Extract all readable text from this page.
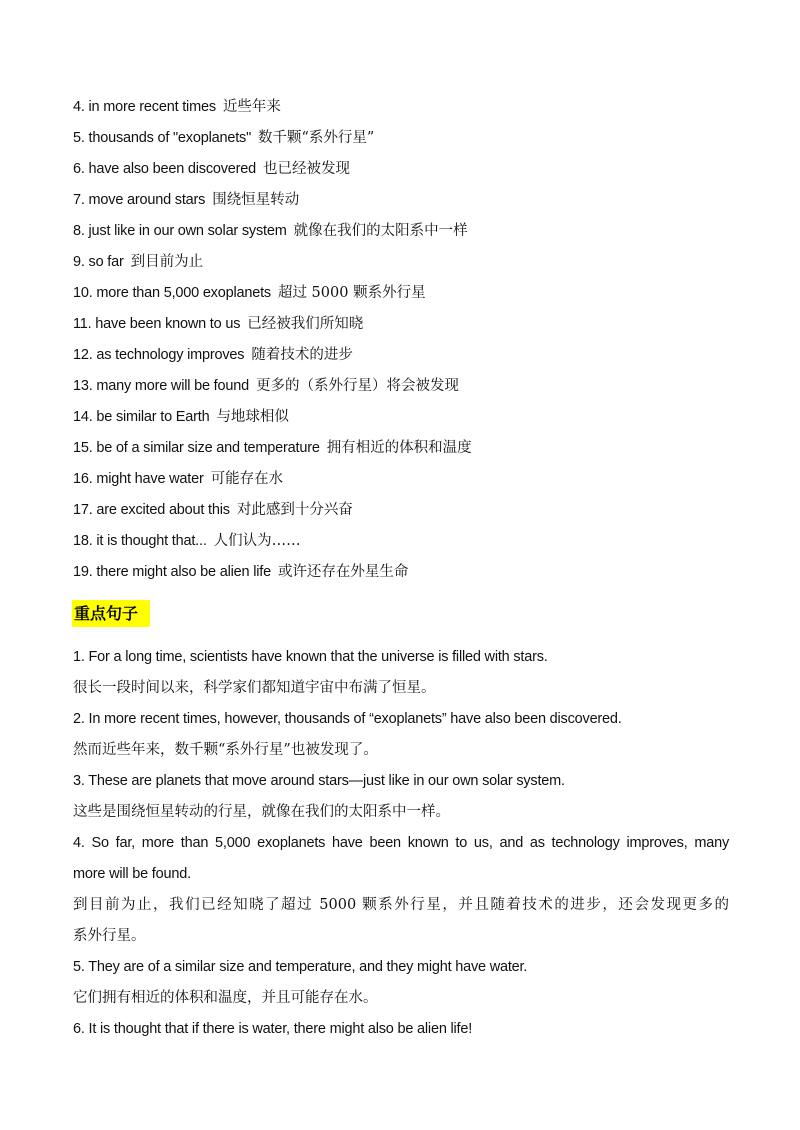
4. in more recent times 近些年来
5. thousands of "exoplanets" 数千颗“系外行星”
6. have also been discovered 也已经被发现
7. move around stars 围绕恒星转动
8. just like in our own solar system 就像在我们的太阳系中一样
9. so far 到目前为止
10. more than 5,000 exoplanets 超过 5000 颗系外行星
11. have been known to us 已经被我们所知晓
12. as technology improves 随着技术的进步
13. many more will be found 更多的（系外行星）将会被发现
14. be similar to Earth 与地球相似
15. be of a similar size and temperature 拥有相近的体积和温度
16. might have water 可能存在水
17. are excited about this 对此感到十分兴奋
18. it is thought that... 人们认为……
19. there might also be alien life 或许还存在外星生命
重点句子
1. For a long time, scientists have known that the universe is filled with stars.
很长一段时间以来，科学家们都知道宇宙中布满了恒星。
2. In more recent times, however, thousands of “exoplanets” have also been discovered.
然而近些年来，数千颗“系外行星”也被发现了。
3. These are planets that move around stars—just like in our own solar system.
这些是围绕恒星转动的行星，就像在我们的太阳系中一样。
4. So far, more than 5,000 exoplanets have been known to us, and as technology improves, many
more will be found.
到目前为止，我们已经知晓了超过 5000 颗系外行星，并且随着技术的进步，还会发现更多的
系外行星。
5. They are of a similar size and temperature, and they might have water.
它们拥有相近的体积和温度，并且可能存在水。
6. It is thought that if there is water, there might also be alien life!
